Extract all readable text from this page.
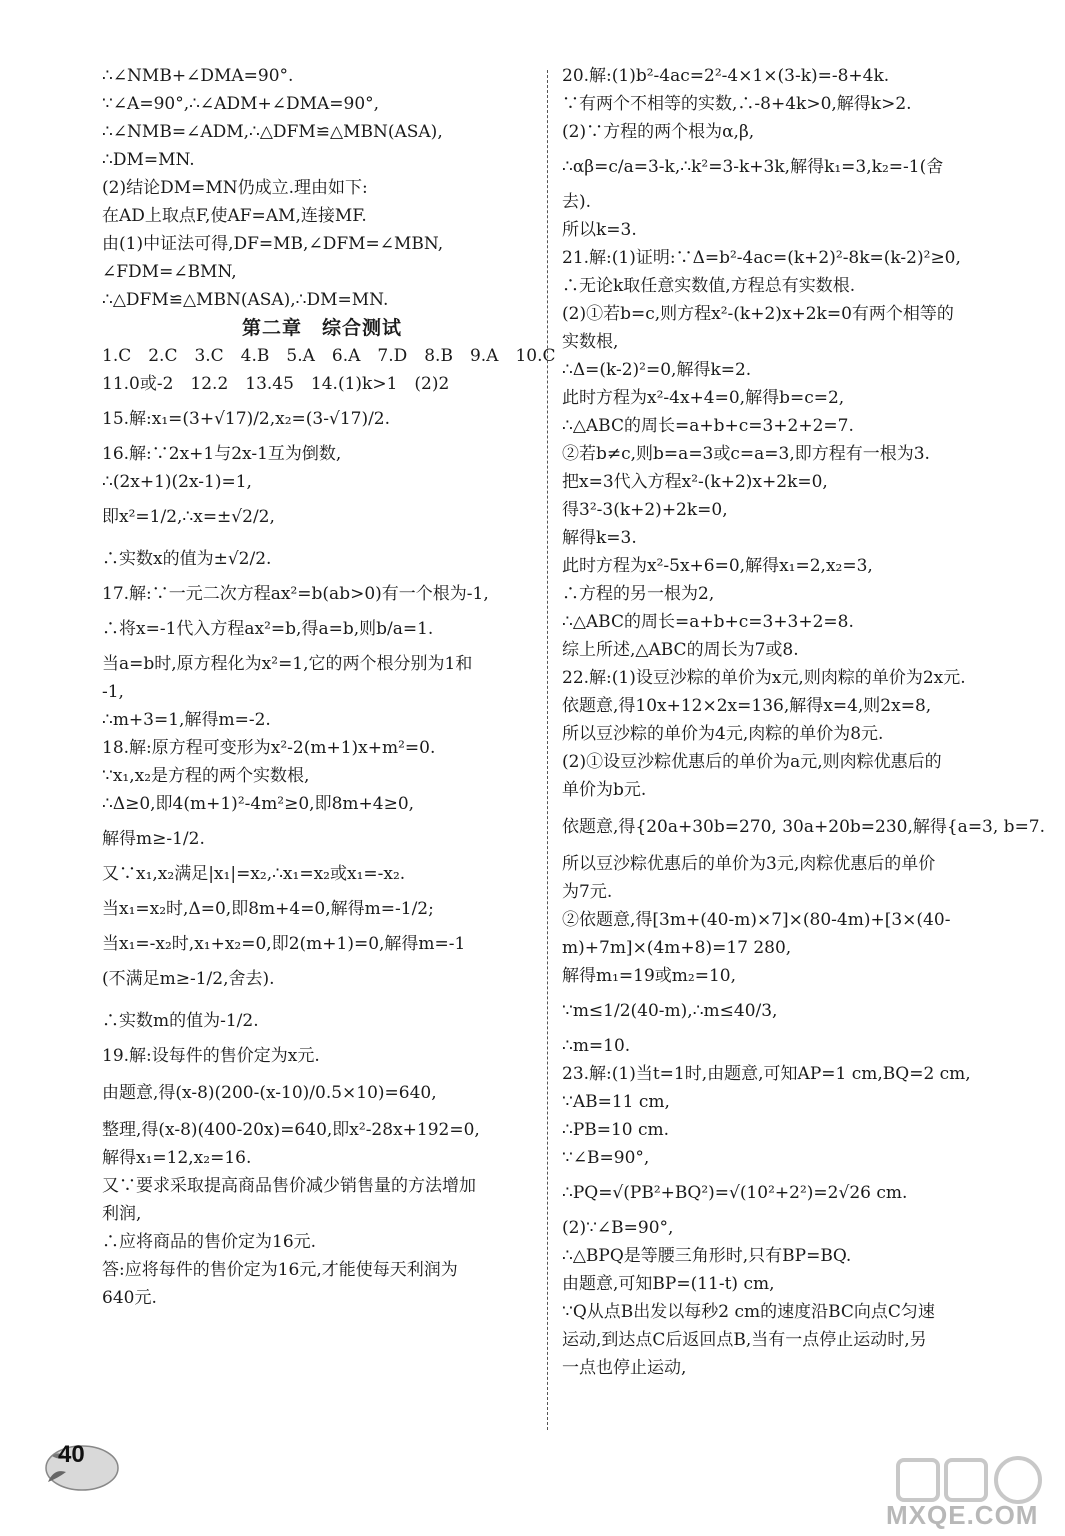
∴∠NMB+∠DMA=90°.
∵∠A=90°,∴∠ADM+∠DMA=90°,
∴∠NMB=∠ADM,∴△DFM≌△MBN(ASA),
∴DM=MN.
(2)结论DM=MN仍成立.理由如下:
在AD上取点F,使AF=AM,连接MF.
由(1)中证法可得,DF=MB,∠DFM=∠MBN,
∠FDM=∠BMN,
∴△DFM≌△MBN(ASA),∴DM=MN.
第二章　综合测试
1.C　2.C　3.C　4.B　5.A　6.A　7.D　8.B　9.A　10.C
11.0或-2　12.2　13.45　14.(1)k>1　(2)2
15.解:x₁=(3+√17)/2,x₂=(3-√17)/2.
16.解:∵2x+1与2x-1互为倒数,
∴(2x+1)(2x-1)=1,
即x²=1/2,∴x=±√2/2,
∴实数x的值为±√2/2.
17.解:∵一元二次方程ax²=b(ab>0)有一个根为-1,
∴将x=-1代入方程ax²=b,得a=b,则b/a=1.
当a=b时,原方程化为x²=1,它的两个根分别为1和
-1,
∴m+3=1,解得m=-2.
18.解:原方程可变形为x²-2(m+1)x+m²=0.
∵x₁,x₂是方程的两个实数根,
∴Δ≥0,即4(m+1)²-4m²≥0,即8m+4≥0,
解得m≥-1/2.
又∵x₁,x₂满足|x₁|=x₂,∴x₁=x₂或x₁=-x₂.
当x₁=x₂时,Δ=0,即8m+4=0,解得m=-1/2;
当x₁=-x₂时,x₁+x₂=0,即2(m+1)=0,解得m=-1
(不满足m≥-1/2,舍去).
∴实数m的值为-1/2.
19.解:设每件的售价定为x元.
由题意,得(x-8)(200-(x-10)/0.5×10)=640,
整理,得(x-8)(400-20x)=640,即x²-28x+192=0,
解得x₁=12,x₂=16.
又∵要求采取提高商品售价减少销售量的方法增加
利润,
∴应将商品的售价定为16元.
答:应将每件的售价定为16元,才能使每天利润为
640元.
20.解:(1)b²-4ac=2²-4×1×(3-k)=-8+4k.
∵有两个不相等的实数,∴-8+4k>0,解得k>2.
(2)∵方程的两个根为α,β,
∴αβ=c/a=3-k,∴k²=3-k+3k,解得k₁=3,k₂=-1(舍
去).
所以k=3.
21.解:(1)证明:∵Δ=b²-4ac=(k+2)²-8k=(k-2)²≥0,
∴无论k取任意实数值,方程总有实数根.
(2)①若b=c,则方程x²-(k+2)x+2k=0有两个相等的
实数根,
∴Δ=(k-2)²=0,解得k=2.
此时方程为x²-4x+4=0,解得b=c=2,
∴△ABC的周长=a+b+c=3+2+2=7.
②若b≠c,则b=a=3或c=a=3,即方程有一根为3.
把x=3代入方程x²-(k+2)x+2k=0,
得3²-3(k+2)+2k=0,
解得k=3.
此时方程为x²-5x+6=0,解得x₁=2,x₂=3,
∴方程的另一根为2,
∴△ABC的周长=a+b+c=3+3+2=8.
综上所述,△ABC的周长为7或8.
22.解:(1)设豆沙粽的单价为x元,则肉粽的单价为2x元.
依题意,得10x+12×2x=136,解得x=4,则2x=8,
所以豆沙粽的单价为4元,肉粽的单价为8元.
(2)①设豆沙粽优惠后的单价为a元,则肉粽优惠后的
单价为b元.
依题意,得{20a+30b=270, 30a+20b=230,解得{a=3, b=7.
所以豆沙粽优惠后的单价为3元,肉粽优惠后的单价
为7元.
②依题意,得[3m+(40-m)×7]×(80-4m)+[3×(40-
m)+7m]×(4m+8)=17 280,
解得m₁=19或m₂=10,
∵m≤1/2(40-m),∴m≤40/3,
∴m=10.
23.解:(1)当t=1时,由题意,可知AP=1 cm,BQ=2 cm,
∵AB=11 cm,
∴PB=10 cm.
∵∠B=90°,
∴PQ=√(PB²+BQ²)=√(10²+2²)=2√26 cm.
(2)∵∠B=90°,
∴△BPQ是等腰三角形时,只有BP=BQ.
由题意,可知BP=(11-t) cm,
∵Q从点B出发以每秒2 cm的速度沿BC向点C匀速
运动,到达点C后返回点B,当有一点停止运动时,另
一点也停止运动,
40
MXQE.COM
